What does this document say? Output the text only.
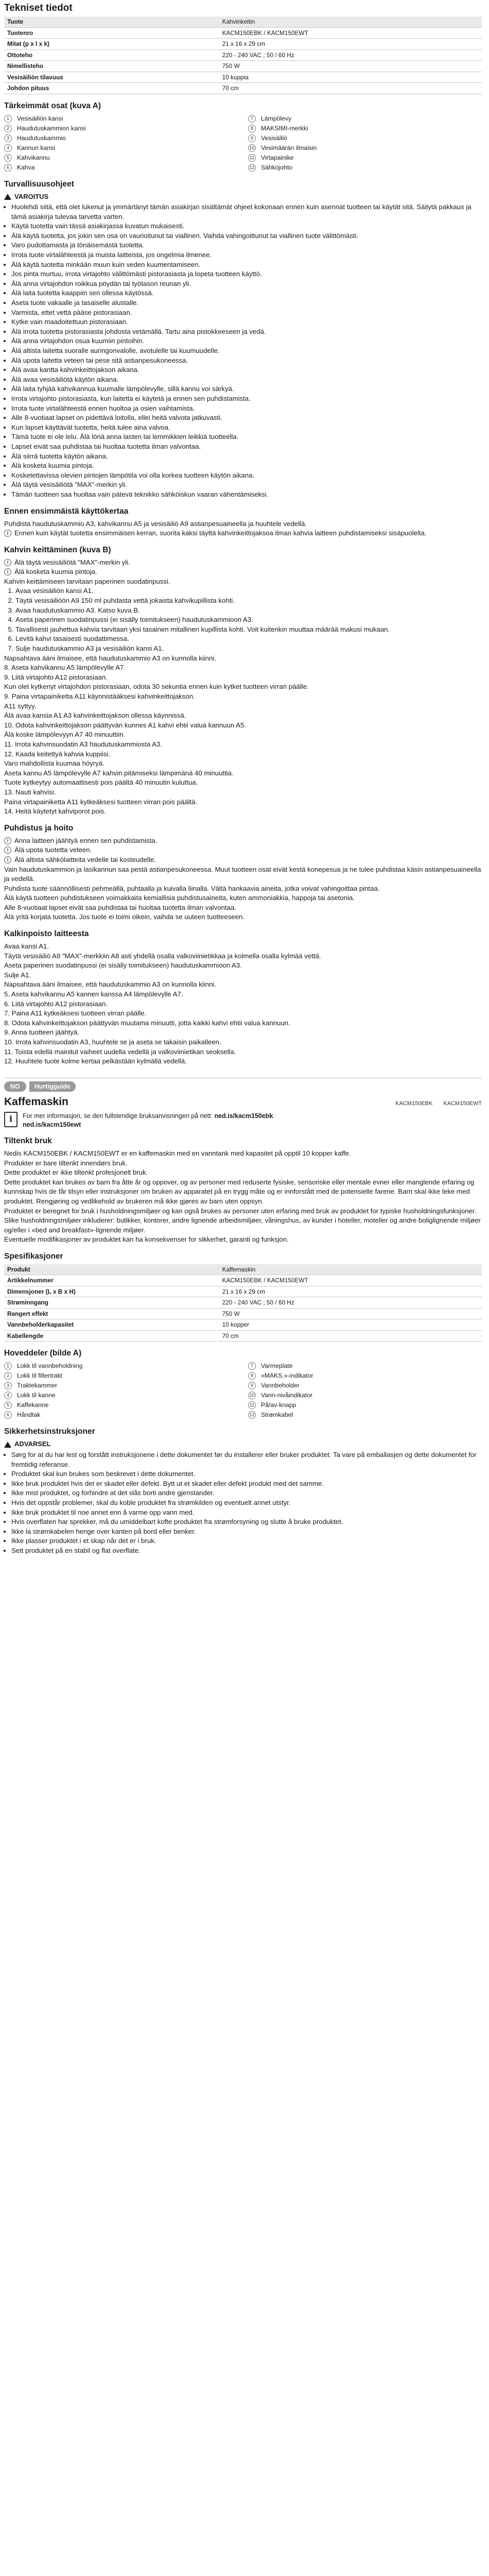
Tekniset tiedot
Tuote	Kahvinkeitin
Tuotenro	KACM150EBK / KACM150EWT
Mitat (p x l x k)	21 x 16 x 29 cm
Ottoteho	220 - 240 VAC ; 50 / 60 Hz
Nimellisteho	750 W
Vesisäiliön tilavuus	10 kuppia
Johdon pituus	70 cm
Tärkeimmät osat (kuva A)
1	Vesisäiliön kansi	7	Lämpölevy
2	Haudutuskammion kansi	8	MAKSIMI-merkki
3	Haudutuskammio	9	Vesisäiliö
4	Kannun kansi	10 Vesimäärän ilmaisin
5	Kahvikannu	11 Virtapainike
6	Kahva	12 Sähköjohto
Turvallisuusohjeet
VAROITUS
• Huolehdi siitä, että olet lukenut ja ymmärtänyt tämän asiakirjan sisältämät ohjeet kokonaan ennen kuin asennat tuotteen tai käytät sitä. Säilytä pakkaus ja tämä asiakirja tulevaa tarvetta varten.
• Käytä tuotetta vain tässä asiakirjassa kuvatun mukaisesti.
• Älä käytä tuotetta, jos jokin sen osa on vaurioitunut tai viallinen. Vaihda vahingoittunut tai viallinen tuote välittömästi.
• Varo pudottamasta ja tönäisemästä tuotetta.
• Irrota tuote virtalähteestä ja muista laitteista, jos ongelmia ilmenee.
• Älä käytä tuotetta minkään muun kuin veden kuumentamiseen.
• Jos pinta murtuu, irrota virtajohto välittömästi pistorasiasta ja lopeta tuotteen käyttö.
• Älä anna virtajohdon roikkua pöydän tai työtason reunan yli.
• Älä laita tuotetta kaappiin sen ollessa käytössä.
• Aseta tuote vakaalle ja tasaiselle alustalle.
• Varmista, ettet vettä pääse pistorasiaan.
• Kytke vain maadoitettuun pistorasiaan.
• Älä irrota tuotetta pistorasiasta johdosta vetämällä. Tartu aina pistokkeeseen ja vedä.
• Älä anna virtajohdon osua kuumiin pintoihin.
• Älä altista laitetta suoralle auringonvalolle, avotulelle tai kuumuudelle.
• Älä upota laitetta veteen tai pese sitä astianpesukoneessa.
• Älä avaa kantta kahvinkeittojakson aikana.
• Älä avaa vesisäiliötä käytön aikana.
• Älä laita tyhjää kahvikannua kuumalle lämpölevylle, sillä kannu voi särkyä.
• Irrota virtajohto pistorasiasta, kun laitetta ei käytetä ja ennen sen puhdistamista.
• Irrota tuote virtalähteestä ennen huoltoa ja osien vaihtamista.
• Alle 8-vuotiaat lapset on pidettävä loitolla, ellei heitä valvota jatkuvasti.
• Kun lapset käyttävät tuotetta, heitä tulee aina valvoa.
• Tämä tuote ei ole lelu. Älä lönä anna lasten tai lemmikkien leikkiä tuotteella.
• Lapset eivät saa puhdistaa tai huoltaa tuotetta ilman valvontaa.
• Älä siirrä tuotetta käytön aikana.
• Älä kosketa kuumia pintoja.
• Kosketettavissa olevien pintojen lämpötila voi olla korkea tuotteen käytön aikana.
• Älä täytä vesisäiliötä "MAX"-merkin yli.
• Tämän tuotteen saa huoltaa vain pätevä teknikko sähköiskun vaaran vähentämiseksi.
Ennen ensimmäistä käyttökertaa

Puhdista haudutuskammio A3, kahvikannu A5 ja vesisäiliö A9 astianpesuaineella ja huuhtele vedellä.

i Ennen kuin käytät tuotetta ensimmäisen kerran, suorita kaksi täyttä kahvinkeittojaksoa ilman kahvia laitteen puhdistamiseksi sisäpuolelta.
Kahvin keittäminen (kuva B)
! Älä täytä vesisäiliötä "MAX"-merkin yli.
! Älä kosketa kuumia pintoja.

Kahvin keittämiseen tarvitaan paperinen suodatinpussi.

1. Avaa vesisäiliön kansi A1.
2. Täytä vesisäiliöön A9 150 ml puhdasta vettä jokaista kahvikupillista kohti.
3. Avaa haudutuskammio A3. Katso kuva B.
4. Aseta paperinen suodatinpussi (ei sisälly toimitukseen) haudutuskammioon A3.
5. Tavallisesti jauhettua kahvia tarvitaan yksi tasainen mitallinen kupillista kohti. Voit kuitenkin muuttaa määrää makusi mukaan.
6. Levitä kahvi tasaisesti suodattimessa.
7. Sulje haudutuskammio A3 ja vesisäiliön kansi A1.

Napsahtava ääni ilmaisee, että haudutuskammio A3 on kunnolla kiinni.

8. Aseta kahvikannu A5 lämpölevylle A7.

9. Liitä virtajohto A12 pistorasiaan.

Kun olet kytkenyt virtajohdon pistorasiaan, odota 30 sekuntia ennen kuin kytket tuotteen virran päälle.

9. Paina virtapainiketta A11 käynnistääksesi kahvinkeittojakson.

A11 syttyy.

Älä avaa kansia A1 A3 kahvinkeittojakson ollessa käynnissä.

10. Odota kahvinkeittojakson päättyvän kunnes A1 kahvi ehtii valua kannuun A5.

Älä koske lämpölevyyn A7 40 minuuttiin.

11. Irrota kahvinsuodatin A3 haudutuskammiosta A3.

12. Kaada keitettyä kahvia kuppiisi.

Varo mahdollista kuumaa höyryä.

Aseta kannu A5 lämpölevylle A7 kahvin pitämiseksi lämpimänä 40 minuuttia.

Tuote kytkeytyy automaattisesti pois päältä 40 minuutin kuluttua.

13. Nauti kahvisi.

Paina virtapainiketta A11 kytkeäksesi tuotteen virran pois päältä.

14. Heitä käytetyt kahviporot pois.

Puhdistus ja hoito
! Anna laitteen jäähtyä ennen sen puhdistamista.
! Älä upota tuotetta veteen.
! Älä altista sähkölaitteita vedelle tai kosteudelle.

Vain haudutuskammion ja lasikannun saa pestä astianpesukoneessa. Muut tuotteen osat eivät kestä konepesua ja ne tulee puhdistaa käsin astianpesuaineella ja vedellä.

Puhdista tuote säännöllisesti pehmeällä, puhtaalla ja kuivalla liinalla. Vältä hankaavia aineita, jotka voivat vahingoittaa pintaa.

Älä käytä tuotteen puhdistukseen voimakkaita kemiallisia puhdistusaineita, kuten ammoniakkia, happoja tai asetonia.

Alle 8-vuotiaat lapset eivät saa puhdistaa tai huoltaa tuotetta ilman valvontaa.

Älä yritä korjata tuotetta. Jos tuote ei toimi oikein, vaihda se uuteen tuotteeseen.

Kalkinpoisto laitteesta

Avaa kansi A1.

Täytä vesisäiliö A9 "MAX"-merkkiin A8 asti yhdellä osalla valkoviinietikkaa ja kolmella osalla kylmää vettä.

Aseta paperinen suodatinpussi (ei sisälly toimitukseen) haudutuskammioon A3.

Sulje A1.

Napsahtava ääni ilmaisee, että haudutuskammio A3 on kunnolla kiinni.

5. Aseta kahvikannu A5 kannen kanssa A4 lämpölevylle A7.

6. Liitä virtajohto A12 pistorasiaan.

7. Paina A11 kytkeäksesi tuotteen virran päälle.

8. Odota kahvinkeittojakson päättyvän muutama minuutti, jotta kaikki kahvi ehtii valua kannuun.

9. Anna tuotteen jäähtyä.

10. Irrota kahvinsuodatin A3, huuhtele se ja aseta se takaisin paikalleen.

11. Toista edellä mainitut vaiheet uudella vedellä ja valkoviinietikan seoksella.

12. Huuhtele tuote kolme kertaa pelkästään kylmällä vedellä.

NO	Hurtigguide
Kaffemaskin	KACM150EBK KACM150EWT
i
For mer informasjon, se den fullstendige bruksanvisningen på nett: ned.is/kacm150ebk
ned.is/kacm150ewt
Tiltenkt bruk

Nedis KACM150EBK / KACM150EWT er en kaffemaskin med en vanntank med kapasitet på opptil 10 kopper kaffe.

Produkter er bare tiltenkt innendørs bruk.

Dette produktet er ikke tiltenkt profesjonelt bruk.

Dette produktet kan brukes av barn fra åtte år og oppover, og av personer med reduserte fysiske, sensoriske eller mentale evner eller manglende erfaring og kunnskap hvis de får tilsyn eller instruksjoner om bruken av apparatet på en trygg måte og er innforstått med de potensielle farene. Barn skal ikke leke med produktet. Rengjøring og vedlikehold av brukeren må ikke gjøres av barn uten oppsyn.

Produktet er beregnet for bruk i husholdningsmiljøer og kan også brukes av personer uten erfaring med bruk av produktet for typiske husholdningsfunksjoner. Slike husholdningsmiljøer inkluderer: butikker, kontorer, andre lignende arbeidsmiljøer, våningshus, av kunder i hoteller, moteller og andre boliglignende miljøer og/eller i «bed and breakfast»-lignende miljøer.

Eventuelle modifikasjoner av produktet kan ha konsekvenser for sikkerhet, garanti og funksjon.

Spesifikasjoner
Produkt	Kaffemaskin
Artikkelnummer	KACM150EBK / KACM150EWT
Dimensjoner (L x B x H)	21 x 16 x 29 cm
Strøminngang	220 - 240 VAC ; 50 / 60 Hz
Rangert effekt	750 W
Vannbeholderkapasitet	10 kopper
Kabellengde	70 cm
Hoveddeler (bilde A)
1	Lokk til vannbeholdning	7	Varmeplate
2	Lokk til filtertrakt	8	«MAKS.»-indikator
3	Traktekammer	9	Vannbeholder
4	Lokk til kanne	10 Vann-nivåindikator
5	Kaffekanne	11 På/av-knapp
6	Håndtak	12 Strømkabel
Sikkerhetsinstruksjoner
ADVARSEL
• Sørg for at du har lest og forstått instruksjonene i dette dokumentet før du installerer eller bruker produktet. Ta vare på emballasjen og dette dokumentet for fremtidig referanse.
• Produktet skal kun brukes som beskrevet i dette dokumentet.
• Ikke bruk produktet hvis det er skadet eller defekt. Bytt ut et skadet eller defekt produkt med det samme.
• Ikke mist produktet, og forhindre at det slås borti andre gjenstander.
• Hvis det oppstår problemer, skal du koble produktet fra strømkilden og eventuelt annet utstyr.
• Ikke bruk produktet til noe annet enn å varme opp vann med.
• Hvis overflaten har sprekker, må du umiddelbart kofte produktet fra strømforsyning og slutte å bruke produktet.
• Ikke la strømkabelen henge over kanten på bord eller benker.
• Ikke plasser produktet i et skap når det er i bruk.
• Sett produktet på en stabil og flat overflate.
